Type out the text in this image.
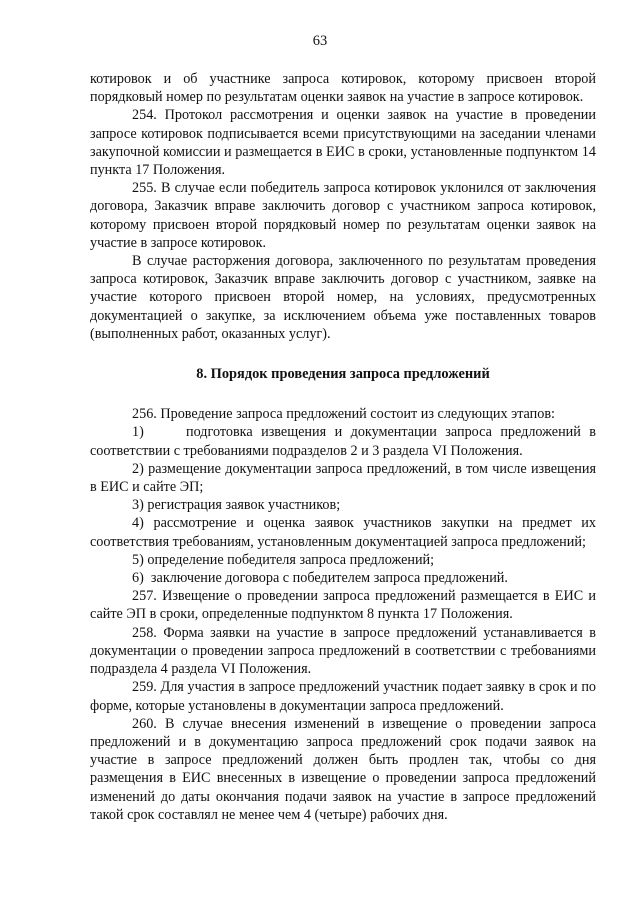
63

котировок и об участнике запроса котировок, которому присвоен второй порядковый номер по результатам оценки заявок на участие в запросе котировок.

254. Протокол рассмотрения и оценки заявок на участие в проведении запросе котировок подписывается всеми присутствующими на заседании членами закупочной комиссии и размещается в ЕИС в сроки, установленные подпунктом 14 пункта 17 Положения.

255. В случае если победитель запроса котировок уклонился от заключения договора, Заказчик вправе заключить договор с участником запроса котировок, которому присвоен второй порядковый номер по результатам оценки заявок на участие в запросе котировок.

В случае расторжения договора, заключенного по результатам проведения запроса котировок, Заказчик вправе заключить договор с участником, заявке на участие которого присвоен второй номер, на условиях, предусмотренных документацией о закупке, за исключением объема уже поставленных товаров (выполненных работ, оказанных услуг).

8. Порядок проведения запроса предложений

256. Проведение запроса предложений состоит из следующих этапов:

1)     подготовка извещения и документации запроса предложений в соответствии с требованиями подразделов 2 и 3 раздела VI Положения.

2) размещение документации запроса предложений, в том числе извещения в ЕИС и сайте ЭП;

3) регистрация заявок участников;

4) рассмотрение и оценка заявок участников закупки на предмет их соответствия требованиям, установленным документацией запроса предложений;

5) определение победителя запроса предложений;

6)  заключение договора с победителем запроса предложений.

257. Извещение о проведении запроса предложений размещается в ЕИС и сайте ЭП в сроки, определенные подпунктом 8 пункта 17 Положения.

258. Форма заявки на участие в запросе предложений устанавливается в документации о проведении запроса предложений в соответствии с требованиями подраздела 4 раздела VI Положения.

259. Для участия в запросе предложений участник подает заявку в срок и по форме, которые установлены в документации запроса предложений.

260. В случае внесения изменений в извещение о проведении запроса предложений и в документацию запроса предложений срок подачи заявок на участие в запросе предложений должен быть продлен так, чтобы со дня размещения в ЕИС внесенных в извещение о проведении запроса предложений изменений до даты окончания подачи заявок на участие в запросе предложений такой срок составлял не менее чем 4 (четыре) рабочих дня.
